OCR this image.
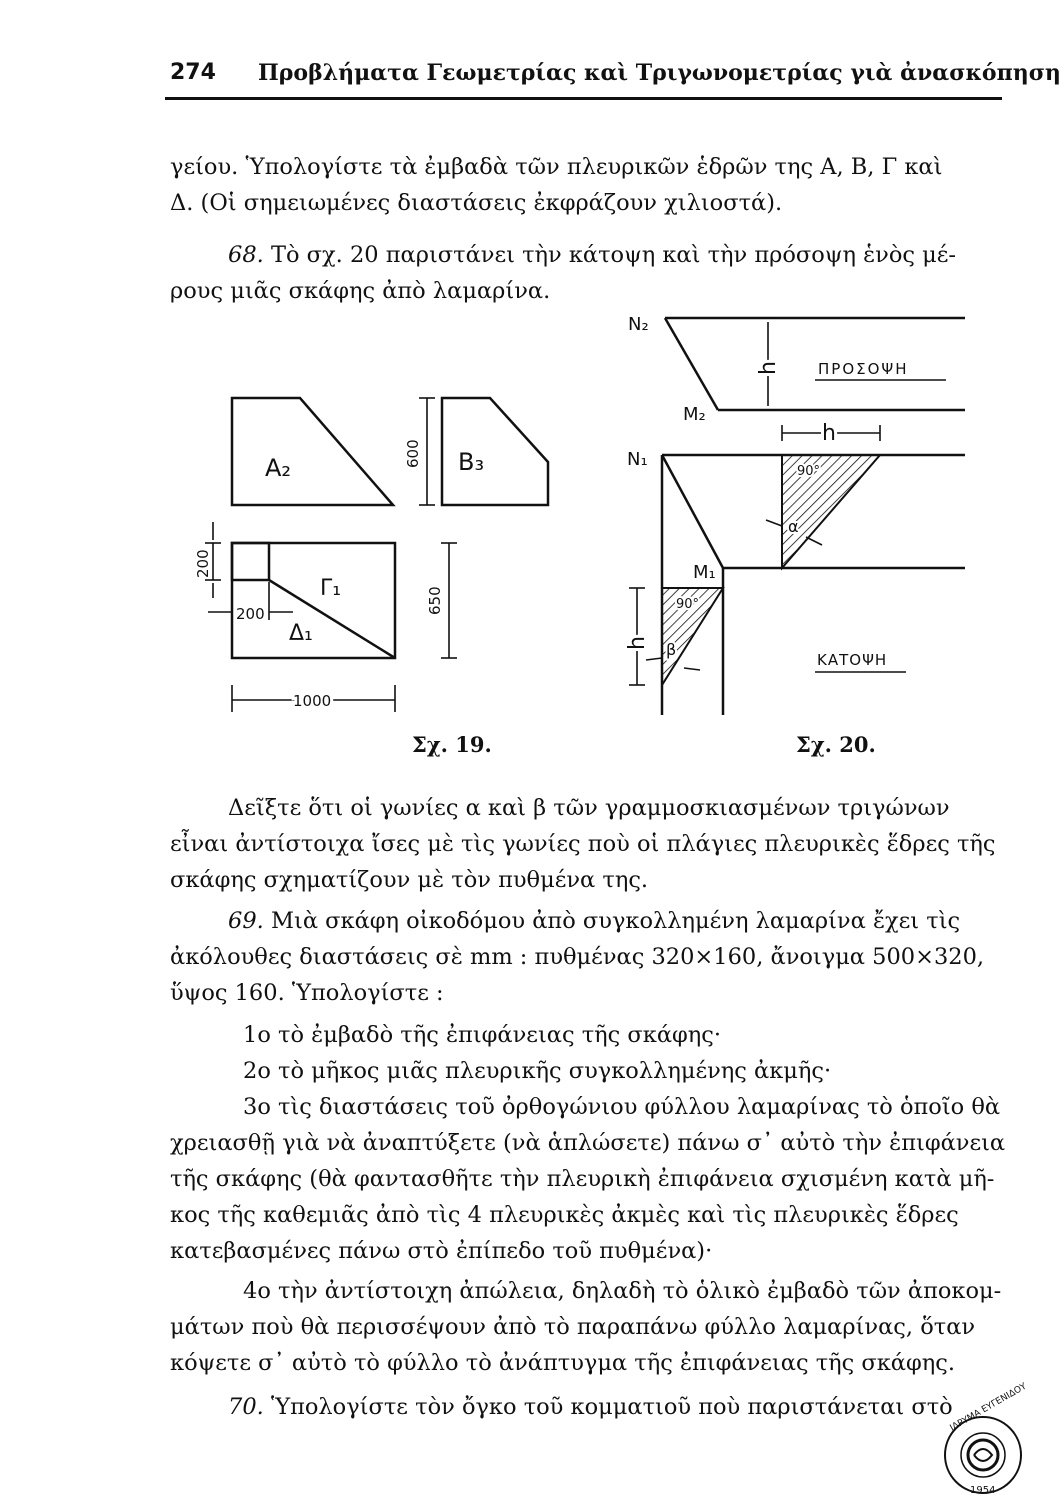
274 Προβλήματα Γεωμετρίας καὶ Τριγωνομετρίας γιὰ ἀνασκόπηση
γείου. Ὑπολογίστε τὰ ἐμβαδὰ τῶν πλευρικῶν ἑδρῶν της Α, Β, Γ καὶ
Δ. (Οἱ σημειωμένες διαστάσεις ἐκφράζουν χιλιοστά).
68. Τὸ σχ. 20 παριστάνει τὴν κάτοψη καὶ τὴν πρόσοψη ἑνὸς μέ-
ρους μιᾶς σκάφης ἀπὸ λαμαρίνα.
A₂	B₃
Γ₁
Δ₁
600
200
200	650
1000
Σχ. 19.
N₂
M₂
N₁
M₁
h
h
h
ΠΡΟΣΟΨΗ
ΚΑΤΟΨΗ
90°
90°
α
β
Σχ. 20.
Δεῖξτε ὅτι οἱ γωνίες α καὶ β τῶν γραμμοσκιασμένων τριγώνων
εἶναι ἀντίστοιχα ἴσες μὲ τὶς γωνίες ποὺ οἱ πλάγιες πλευρικὲς ἕδρες τῆς
σκάφης σχηματίζουν μὲ τὸν πυθμένα της.
69. Μιὰ σκάφη οἰκοδόμου ἀπὸ συγκολλημένη λαμαρίνα ἔχει τὶς
ἀκόλουθες διαστάσεις σὲ mm : πυθμένας 320×160, ἄνοιγμα 500×320,
ὕψος 160. Ὑπολογίστε :
1ο τὸ ἐμβαδὸ τῆς ἐπιφάνειας τῆς σκάφης·
2ο τὸ μῆκος μιᾶς πλευρικῆς συγκολλημένης ἀκμῆς·
3ο τὶς διαστάσεις τοῦ ὀρθογώνιου φύλλου λαμαρίνας τὸ ὁποῖο θὰ
χρειασθῇ γιὰ νὰ ἀναπτύξετε (νὰ ἁπλώσετε) πάνω σ᾽ αὐτὸ τὴν ἐπιφάνεια
τῆς σκάφης (θὰ φαντασθῆτε τὴν πλευρικὴ ἐπιφάνεια σχισμένη κατὰ μῆ-
κος τῆς καθεμιᾶς ἀπὸ τὶς 4 πλευρικὲς ἀκμὲς καὶ τὶς πλευρικὲς ἕδρες
κατεβασμένες πάνω στὸ ἐπίπεδο τοῦ πυθμένα)·
4ο τὴν ἀντίστοιχη ἀπώλεια, δηλαδὴ τὸ ὁλικὸ ἐμβαδὸ τῶν ἀποκομ-
μάτων ποὺ θὰ περισσέψουν ἀπὸ τὸ παραπάνω φύλλο λαμαρίνας, ὅταν
κόψετε σ᾽ αὐτὸ τὸ φύλλο τὸ ἀνάπτυγμα τῆς ἐπιφάνειας τῆς σκάφης.
70. Ὑπολογίστε τὸν ὄγκο τοῦ κομματιοῦ ποὺ παριστάνεται στὸ
ΙΔΡΥΜΑ ΕΥΓΕΝΙΔΟΥ
1954
